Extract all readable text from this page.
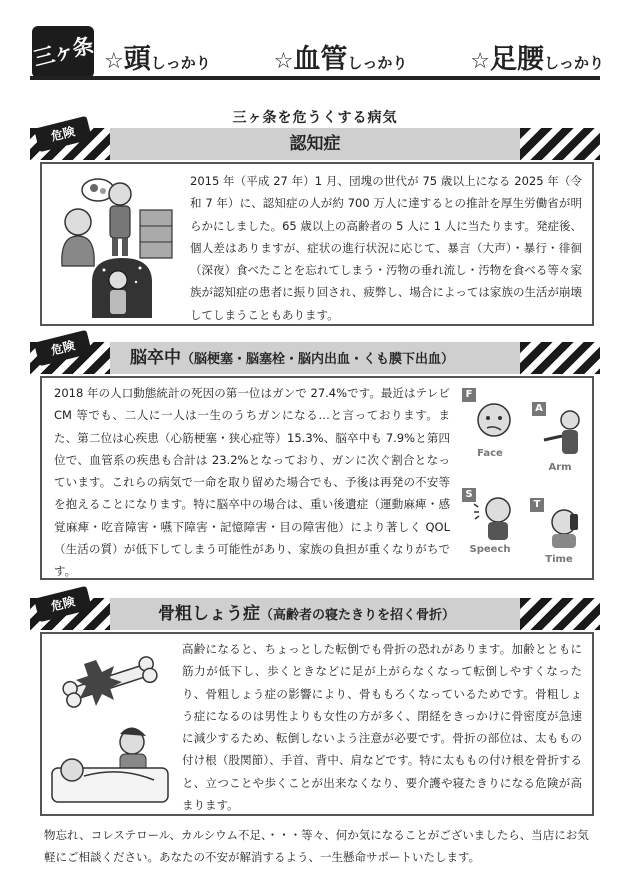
三ヶ条 ☆頭しっかり	☆血管しっかり	☆足腰しっかり
三ヶ条を危うくする病気
認知症
危険
2015 年（平成 27 年）1 月、団塊の世代が 75 歳以上になる 2025 年（令和 7 年）に、認知症の人が約 700 万人に達するとの推計を厚生労働省が明らかにしました。65 歳以上の高齢者の 5 人に 1 人に当たります。発症後、個人差はありますが、症状の進行状況に応じて、暴言（大声）・暴行・徘徊（深夜）食べたことを忘れてしまう・汚物の垂れ流し・汚物を食べる等々家族が認知症の患者に振り回され、疲弊し、場合によっては家族の生活が崩壊してしまうこともあります。
脳卒中（脳梗塞・脳塞栓・脳内出血・くも膜下出血）
危険
2018 年の人口動態統計の死因の第一位はガンで 27.4%です。最近はテレビ CM 等でも、二人に一人は一生のうちガンになる…と言っております。また、第二位は心疾患（心筋梗塞・狭心症等）15.3%、脳卒中も 7.9%と第四位で、血管系の疾患も合計は 23.2%となっており、ガンに次ぐ割合となっています。これらの病気で一命を取り留めた場合でも、予後は再発の不安等を抱えることになります。特に脳卒中の場合は、重い後遺症（運動麻痺・感覚麻痺・吃音障害・嚥下障害・記憶障害・目の障害他）により著しく QOL（生活の質）が低下してしまう可能性があり、家族の負担が重くなりがちです。
F
Face
A
Arm
S
Speech
T
Time
骨粗しょう症（高齢者の寝たきりを招く骨折）
危険
高齢になると、ちょっとした転倒でも骨折の恐れがあります。加齢とともに筋力が低下し、歩くときなどに足が上がらなくなって転倒しやすくなったり、骨粗しょう症の影響により、骨ももろくなっているためです。骨粗しょう症になるのは男性よりも女性の方が多く、閉経をきっかけに骨密度が急速に減少するため、転倒しないよう注意が必要です。骨折の部位は、太ももの付け根（股関節）、手首、背中、肩などです。特に太ももの付け根を骨折すると、立つことや歩くことが出来なくなり、要介護や寝たきりになる危険が高まります。
物忘れ、コレステロール、カルシウム不足、・・・等々、何か気になることがございましたら、当店にお気軽にご相談ください。あなたの不安が解消するよう、一生懸命サポートいたします。
